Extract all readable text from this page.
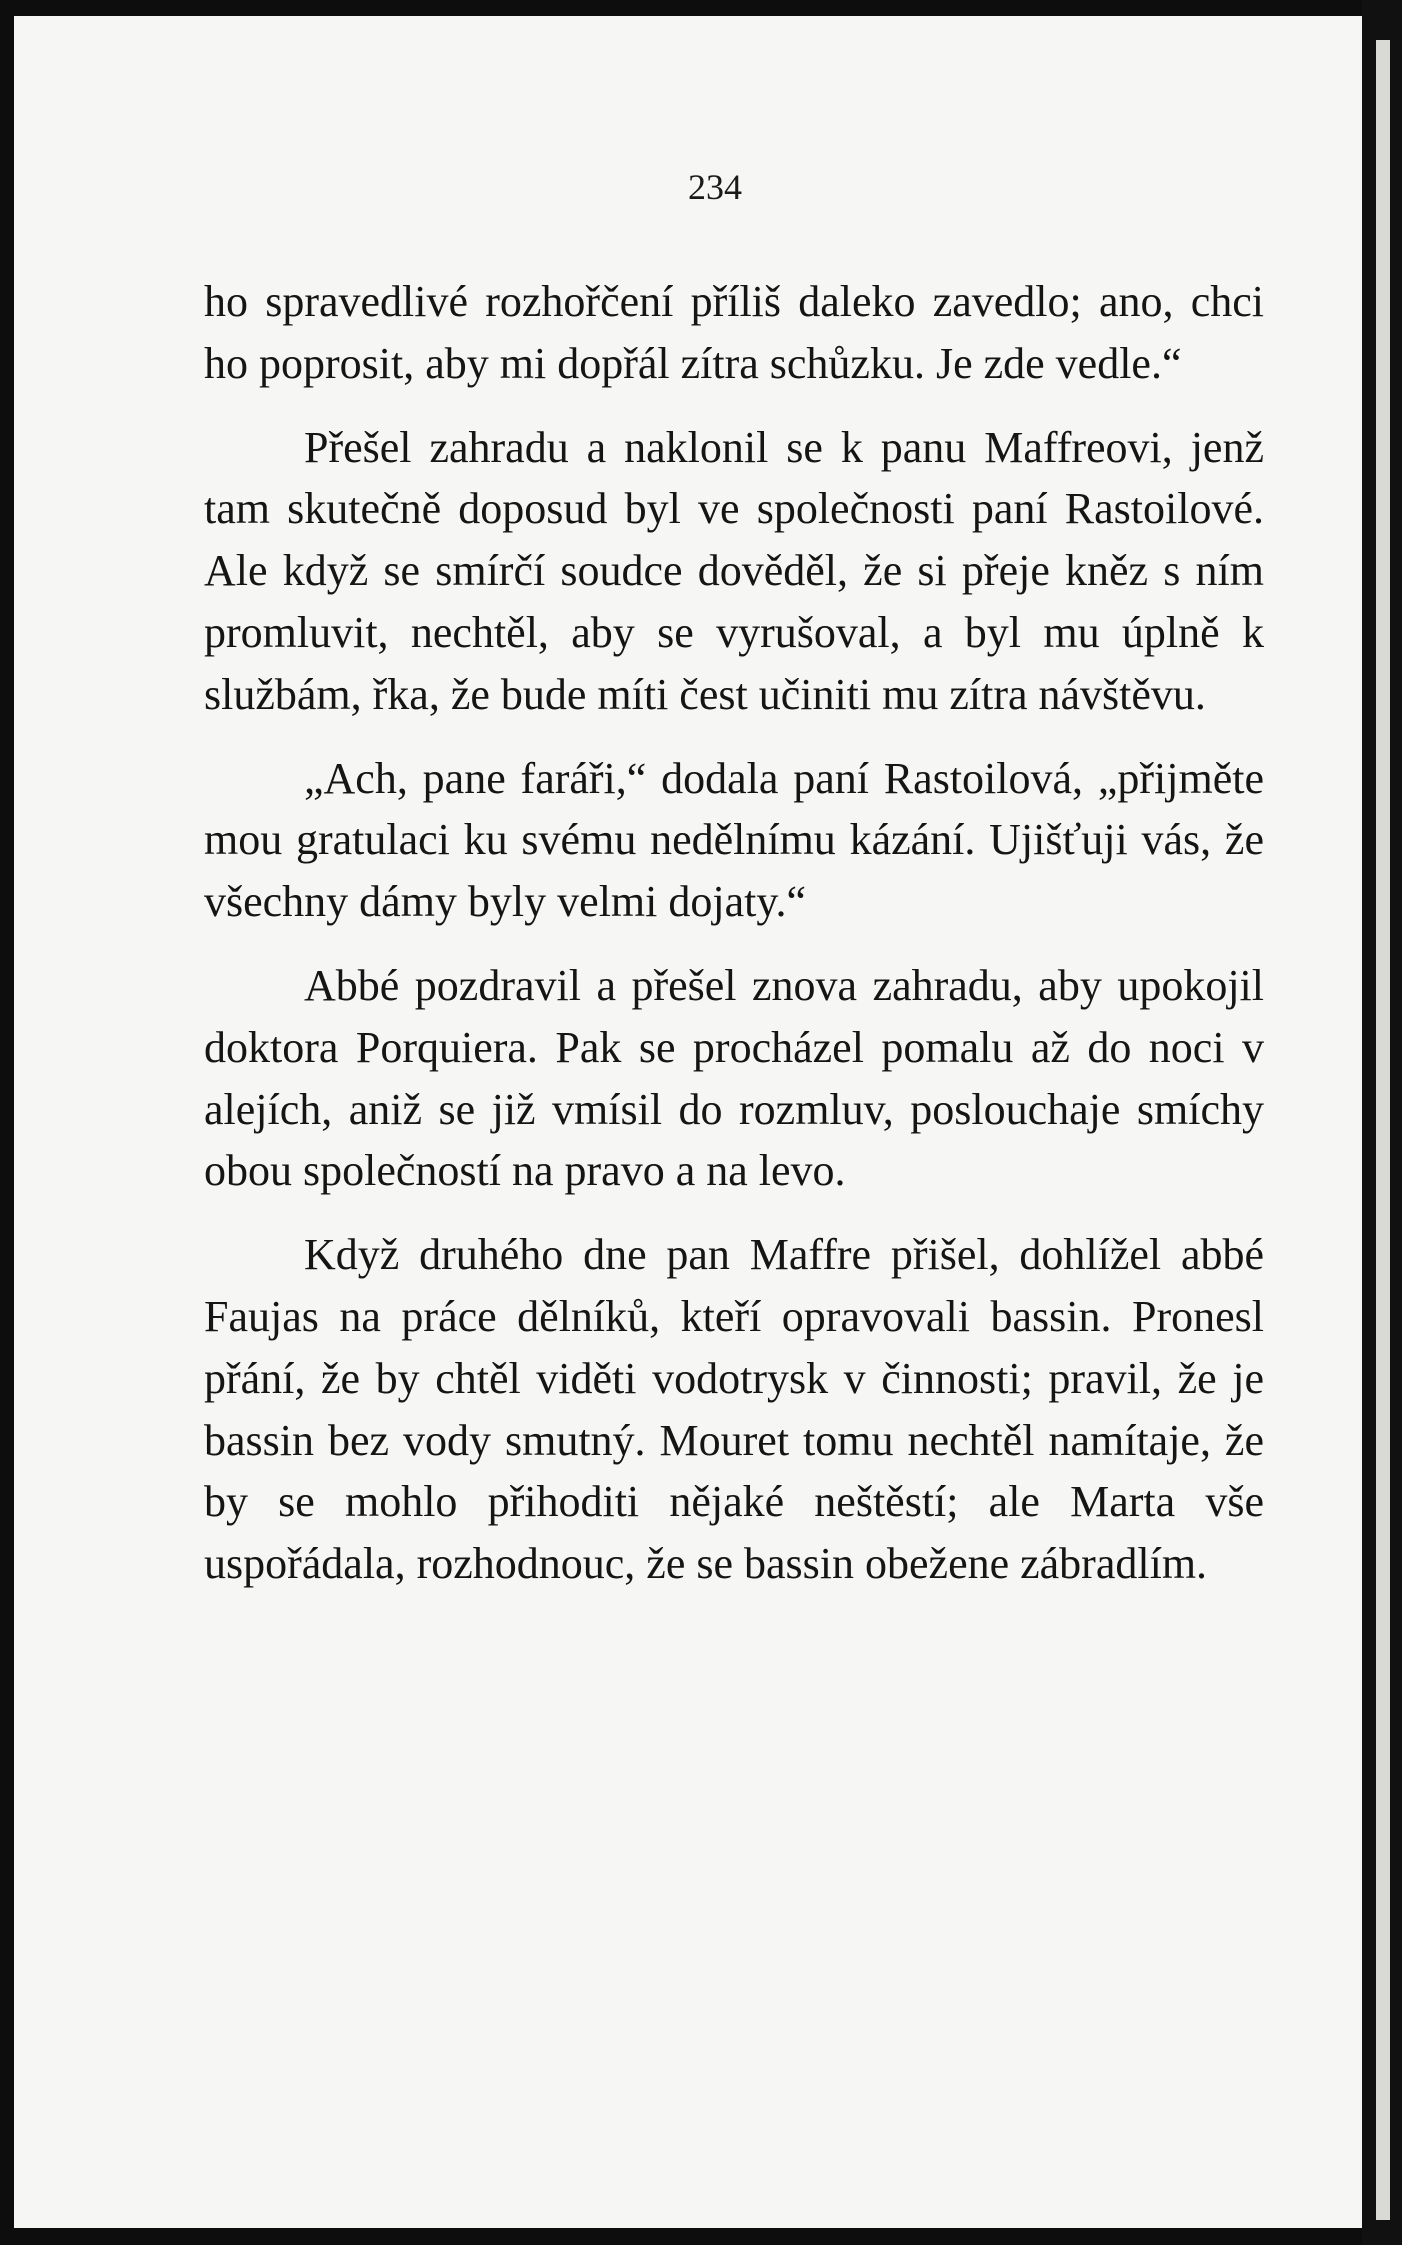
234

ho spravedlivé rozhořčení příliš daleko zavedlo; ano, chci ho poprosit, aby mi dopřál zítra schůzku. Je zde vedle.“

Přešel zahradu a naklonil se k panu Maffreovi, jenž tam skutečně doposud byl ve společnosti paní Rastoilové. Ale když se smírčí soudce dověděl, že si přeje kněz s ním promluvit, nechtěl, aby se vyrušoval, a byl mu úplně k službám, řka, že bude míti čest učiniti mu zítra návštěvu.

„Ach, pane faráři,“ dodala paní Rastoilová, „přijměte mou gratulaci ku svému nedělnímu kázání. Ujišťuji vás, že všechny dámy byly velmi dojaty.“

Abbé pozdravil a přešel znova zahradu, aby upokojil doktora Porquiera. Pak se procházel pomalu až do noci v alejích, aniž se již vmísil do rozmluv, poslouchaje smíchy obou společností na pravo a na levo.

Když druhého dne pan Maffre přišel, dohlížel abbé Faujas na práce dělníků, kteří opravovali bassin. Pronesl přání, že by chtěl viděti vodotrysk v činnosti; pravil, že je bassin bez vody smutný. Mouret tomu nechtěl namítaje, že by se mohlo přihoditi nějaké neštěstí; ale Marta vše uspořádala, rozhodnouc, že se bassin obežene zábradlím.
